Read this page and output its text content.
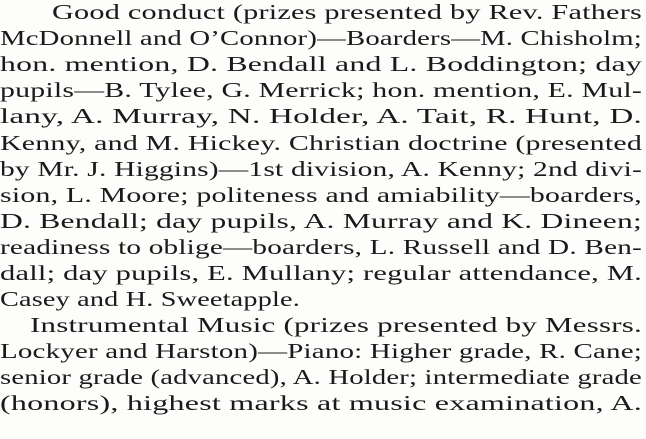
Good conduct (prizes presented by Rev. Fathers
McDonnell and O’Connor)—Boarders—M. Chisholm;
hon. mention, D. Bendall and L. Boddington; day
pupils—B. Tylee, G. Merrick; hon. mention, E. Mul-
lany, A. Murray, N. Holder, A. Tait, R. Hunt, D.
Kenny, and M. Hickey. Christian doctrine (presented
by Mr. J. Higgins)—1st division, A. Kenny; 2nd divi-
sion, L. Moore; politeness and amiability—boarders,
D. Bendall; day pupils, A. Murray and K. Dineen;
readiness to oblige—boarders, L. Russell and D. Ben-
dall; day pupils, E. Mullany; regular attendance, M.
Casey and H. Sweetapple.
Instrumental Music (prizes presented by Messrs.
Lockyer and Harston)—Piano: Higher grade, R. Cane;
senior grade (advanced), A. Holder; intermediate grade
(honors), highest marks at music examination, A.
